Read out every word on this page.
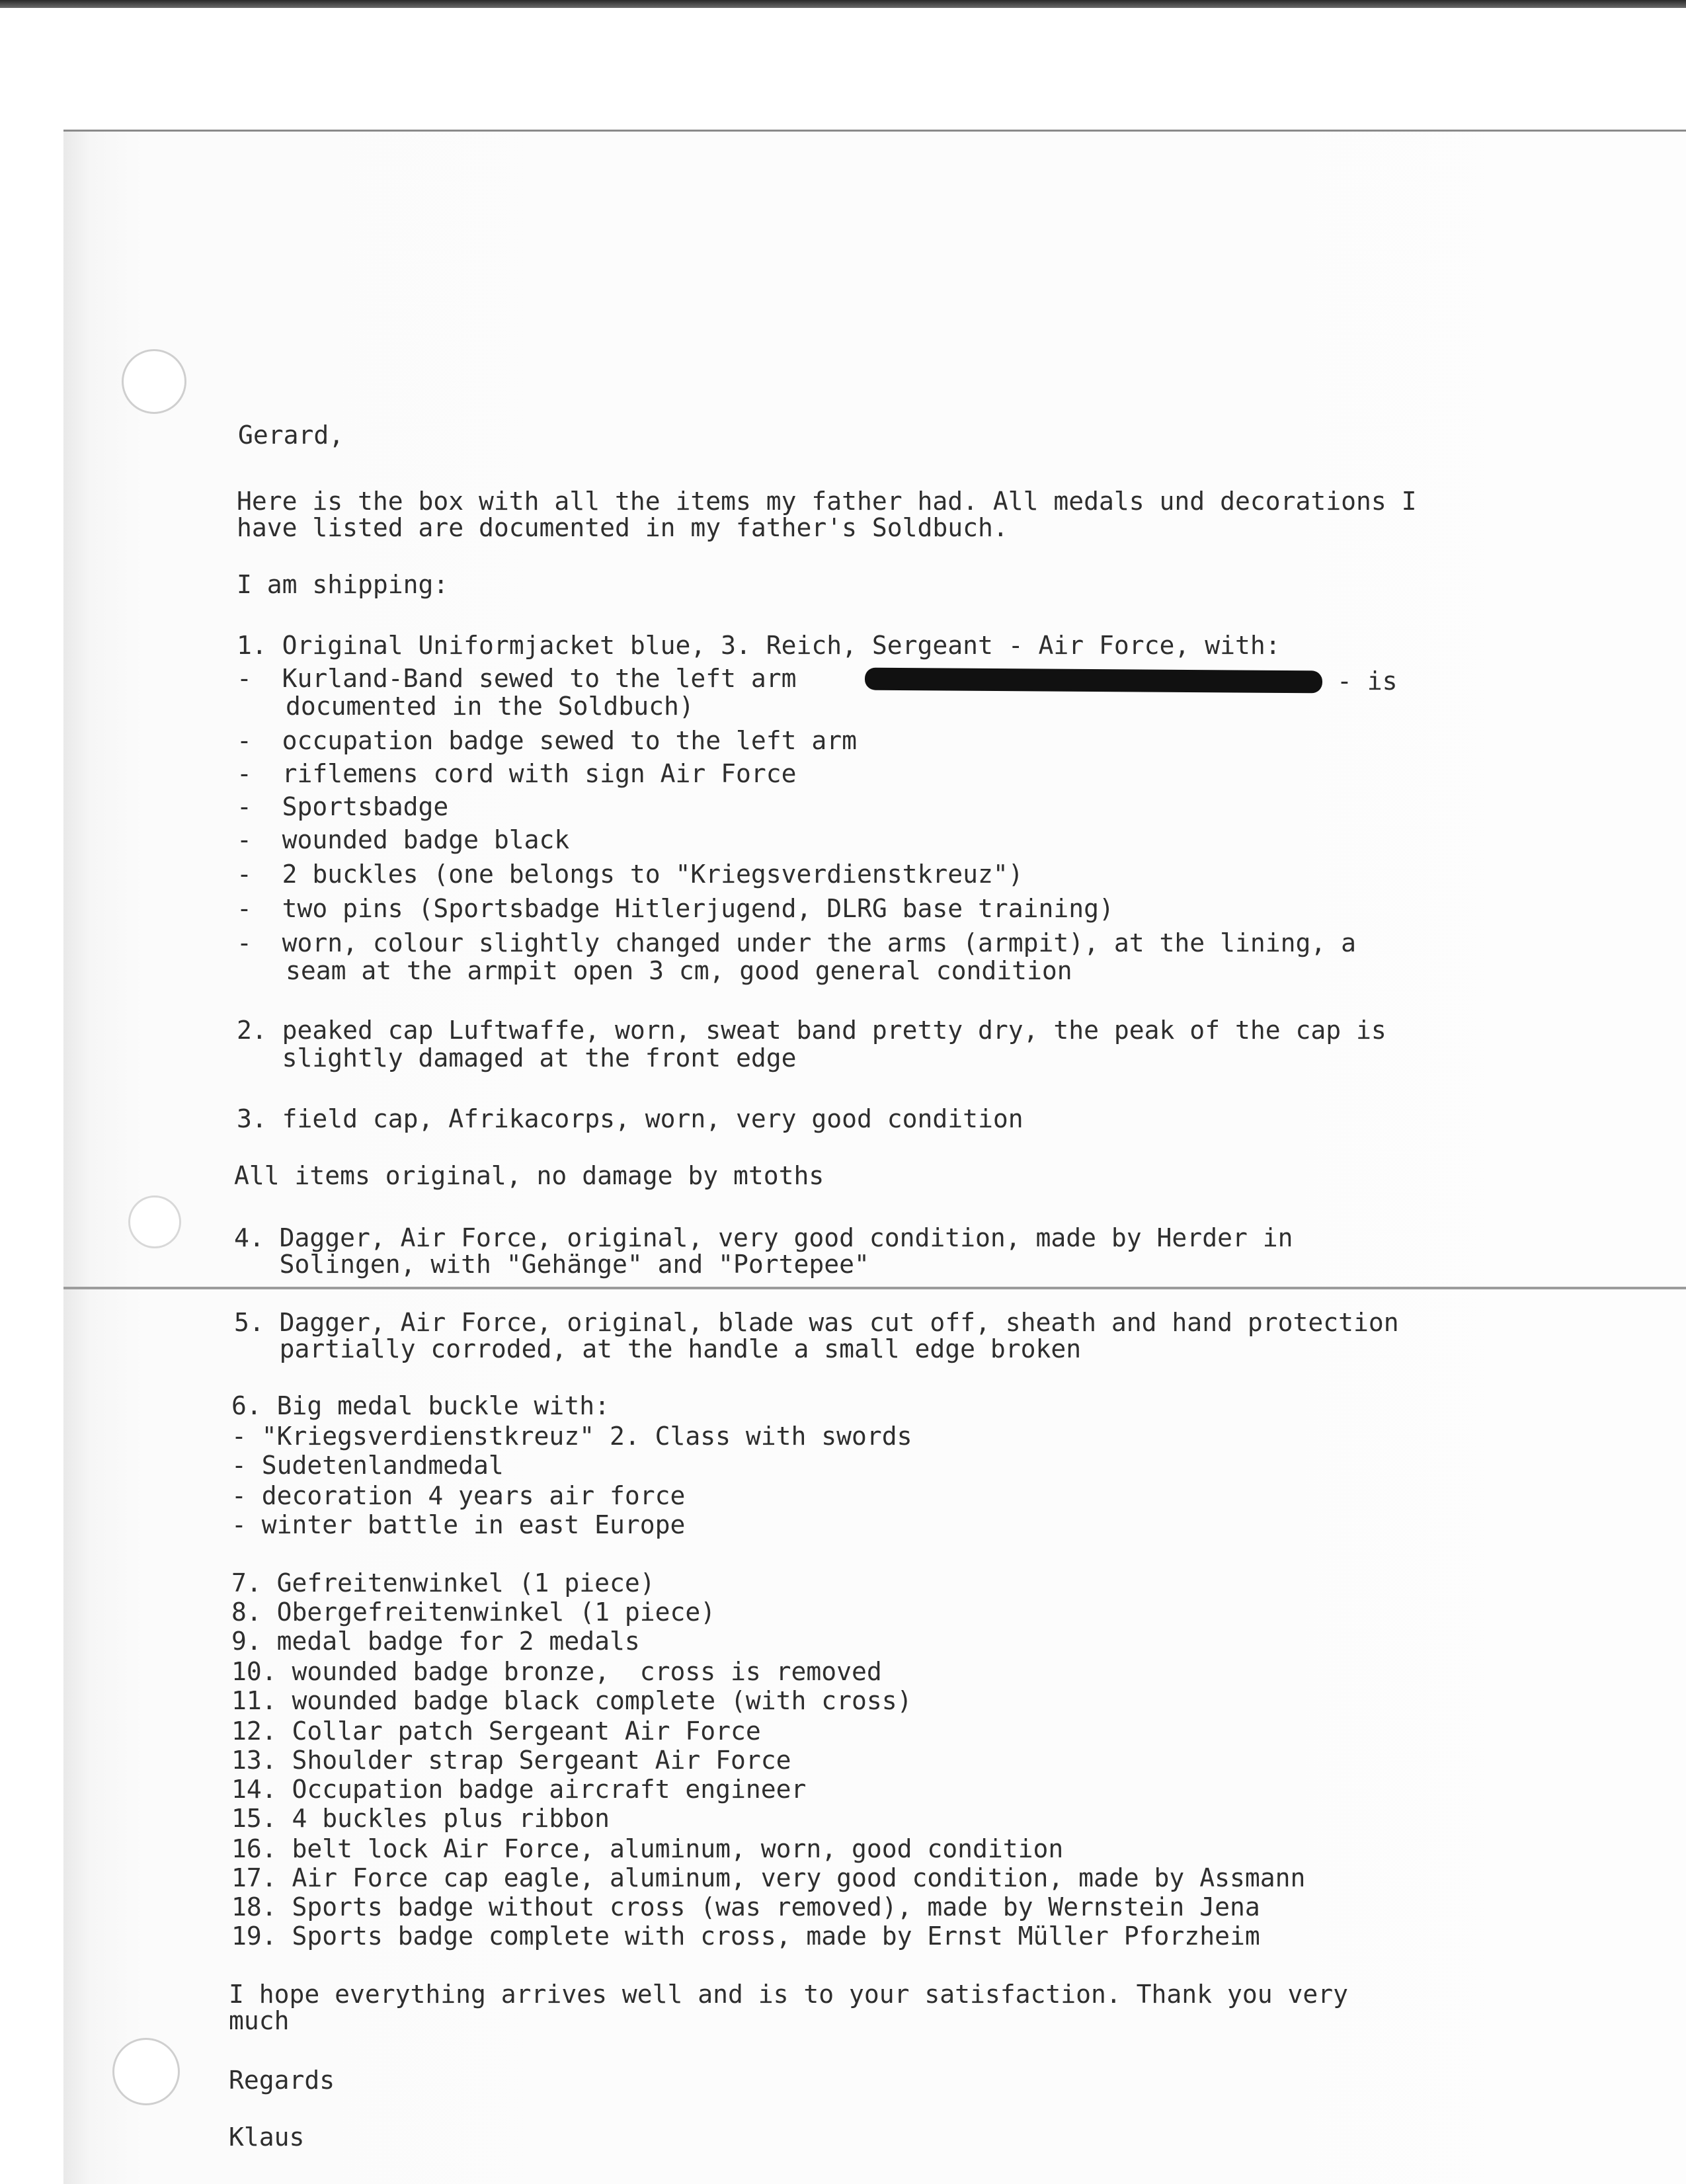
Gerard,

Here is the box with all the items my father had. All medals und decorations I

have listed are documented in my father's Soldbuch.

I am shipping:

1. Original Uniformjacket blue, 3. Reich, Sergeant - Air Force, with:

-  Kurland-Band sewed to the left arm	- is

documented in the Soldbuch)

-  occupation badge sewed to the left arm

-  riflemens cord with sign Air Force

-  Sportsbadge

-  wounded badge black

-  2 buckles (one belongs to "Kriegsverdienstkreuz")

-  two pins (Sportsbadge Hitlerjugend, DLRG base training)

-  worn, colour slightly changed under the arms (armpit), at the lining, a

seam at the armpit open 3 cm, good general condition

2. peaked cap Luftwaffe, worn, sweat band pretty dry, the peak of the cap is

slightly damaged at the front edge

3. field cap, Afrikacorps, worn, very good condition

All items original, no damage by mtoths

4. Dagger, Air Force, original, very good condition, made by Herder in

Solingen, with "Gehänge" and "Portepee"

5. Dagger, Air Force, original, blade was cut off, sheath and hand protection

partially corroded, at the handle a small edge broken

6. Big medal buckle with:

- "Kriegsverdienstkreuz" 2. Class with swords

- Sudetenlandmedal

- decoration 4 years air force

- winter battle in east Europe

7. Gefreitenwinkel (1 piece)

8. Obergefreitenwinkel (1 piece)

9. medal badge for 2 medals

10. wounded badge bronze,  cross is removed

11. wounded badge black complete (with cross)

12. Collar patch Sergeant Air Force

13. Shoulder strap Sergeant Air Force

14. Occupation badge aircraft engineer

15. 4 buckles plus ribbon

16. belt lock Air Force, aluminum, worn, good condition

17. Air Force cap eagle, aluminum, very good condition, made by Assmann

18. Sports badge without cross (was removed), made by Wernstein Jena

19. Sports badge complete with cross, made by Ernst Müller Pforzheim

I hope everything arrives well and is to your satisfaction. Thank you very

much

Regards

Klaus
